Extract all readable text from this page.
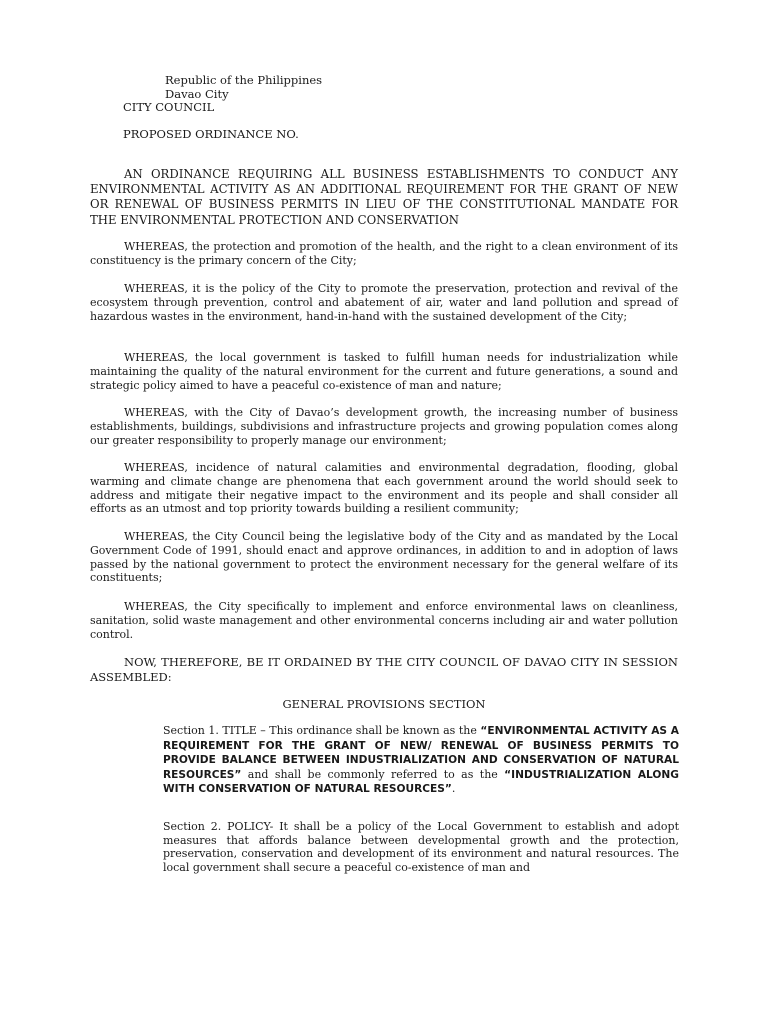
Republic of the Philippines
Davao City
CITY COUNCIL
PROPOSED ORDINANCE NO.
AN ORDINANCE REQUIRING ALL BUSINESS ESTABLISHMENTS TO CONDUCT ANY ENVIRONMENTAL ACTIVITY AS AN ADDITIONAL REQUIREMENT FOR THE GRANT OF NEW OR RENEWAL OF BUSINESS PERMITS IN LIEU OF THE CONSTITUTIONAL MANDATE FOR THE ENVIRONMENTAL PROTECTION AND CONSERVATION
WHEREAS, the protection and promotion of the health, and the right to a clean environment of its constituency is the primary concern of the City;
WHEREAS, it is the policy of the City to promote the preservation, protection and revival of the ecosystem through prevention, control and abatement of air, water and land pollution and spread of hazardous wastes in the environment, hand-in-hand with the sustained development of the City;
WHEREAS, the local government is tasked to fulfill human needs for industrialization while maintaining the quality of the natural environment for the current and future generations, a sound and strategic policy aimed to have a peaceful co-existence of man and nature;
WHEREAS, with the City of Davao’s development growth, the increasing number of business establishments, buildings, subdivisions and infrastructure projects and growing population comes along our greater responsibility to properly manage our environment;
WHEREAS, incidence of natural calamities and environmental degradation, flooding, global warming and climate change are phenomena that each government around the world should seek to address and mitigate their negative impact to the environment and its people and shall consider all efforts as an utmost and top priority towards building a resilient community;
WHEREAS, the City Council being the legislative body of the City and as mandated by the Local Government Code of 1991, should enact and approve ordinances, in addition to and in adoption of laws passed by the national government to protect the environment necessary for the general welfare of its constituents;
WHEREAS, the City specifically to implement and enforce environmental laws on cleanliness, sanitation, solid waste management and other environmental concerns including air and water pollution control.
NOW, THEREFORE, BE IT ORDAINED BY THE CITY COUNCIL OF DAVAO CITY IN SESSION ASSEMBLED:
GENERAL PROVISIONS SECTION
Section 1. TITLE – This ordinance shall be known as the “ENVIRONMENTAL ACTIVITY AS A REQUIREMENT FOR THE GRANT OF NEW/ RENEWAL OF BUSINESS PERMITS TO PROVIDE BALANCE BETWEEN INDUSTRIALIZATION AND CONSERVATION OF NATURAL RESOURCES” and shall be commonly referred to as the “INDUSTRIALIZATION ALONG WITH CONSERVATION OF NATURAL RESOURCES”.
Section 2. POLICY- It shall be a policy of the Local Government to establish and adopt measures that affords balance between developmental growth and the protection, preservation, conservation and development of its environment and natural resources. The local government shall secure a peaceful co-existence of man and
